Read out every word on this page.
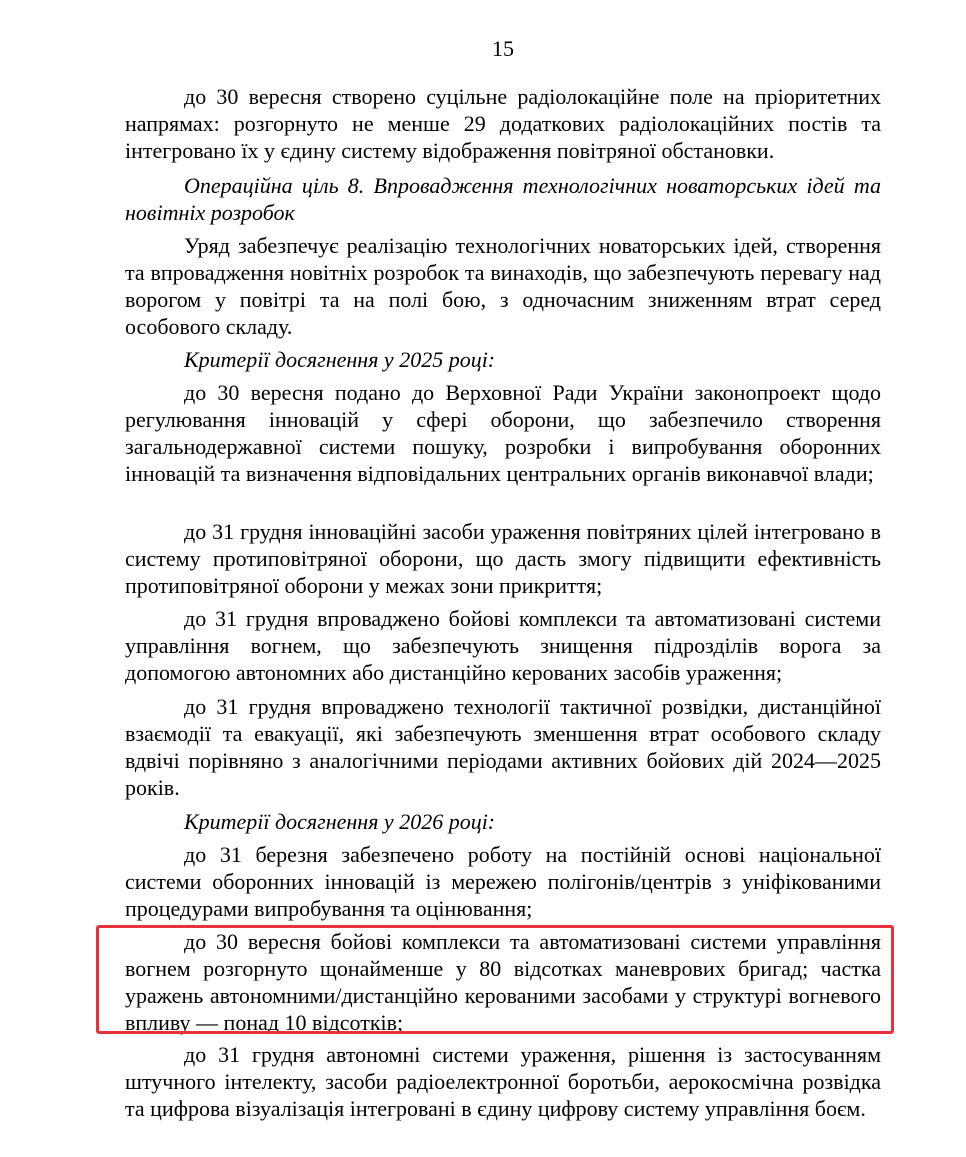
15

до 30 вересня створено суцільне радіолокаційне поле на пріоритетних напрямах: розгорнуто не менше 29 додаткових радіолокаційних постів та інтегровано їх у єдину систему відображення повітряної обстановки.

Операційна ціль 8. Впровадження технологічних новаторських ідей та новітніх розробок

Уряд забезпечує реалізацію технологічних новаторських ідей, створення та впровадження новітніх розробок та винаходів, що забезпечують перевагу над ворогом у повітрі та на полі бою, з одночасним зниженням втрат серед особового складу.

Критерії досягнення у 2025 році:

до 30 вересня подано до Верховної Ради України законопроект щодо регулювання інновацій у сфері оборони, що забезпечило створення загальнодержавної системи пошуку, розробки і випробування оборонних інновацій та визначення відповідальних центральних органів виконавчої влади;

до 31 грудня інноваційні засоби ураження повітряних цілей інтегровано в систему протиповітряної оборони, що дасть змогу підвищити ефективність протиповітряної оборони у межах зони прикриття;

до 31 грудня впроваджено бойові комплекси та автоматизовані системи управління вогнем, що забезпечують знищення підрозділів ворога за допомогою автономних або дистанційно керованих засобів ураження;

до 31 грудня впроваджено технології тактичної розвідки, дистанційної взаємодії та евакуації, які забезпечують зменшення втрат особового складу вдвічі порівняно з аналогічними періодами активних бойових дій 2024—2025 років.

Критерії досягнення у 2026 році:

до 31 березня забезпечено роботу на постійній основі національної системи оборонних інновацій із мережею полігонів/центрів з уніфікованими процедурами випробування та оцінювання;

до 30 вересня бойові комплекси та автоматизовані системи управління вогнем розгорнуто щонайменше у 80 відсотках маневрових бригад; частка уражень автономними/дистанційно керованими засобами у структурі вогневого впливу — понад 10 відсотків;

до 31 грудня автономні системи ураження, рішення із застосуванням штучного інтелекту, засоби радіоелектронної боротьби, аерокосмічна розвідка та цифрова візуалізація інтегровані в єдину цифрову систему управління боєм.
